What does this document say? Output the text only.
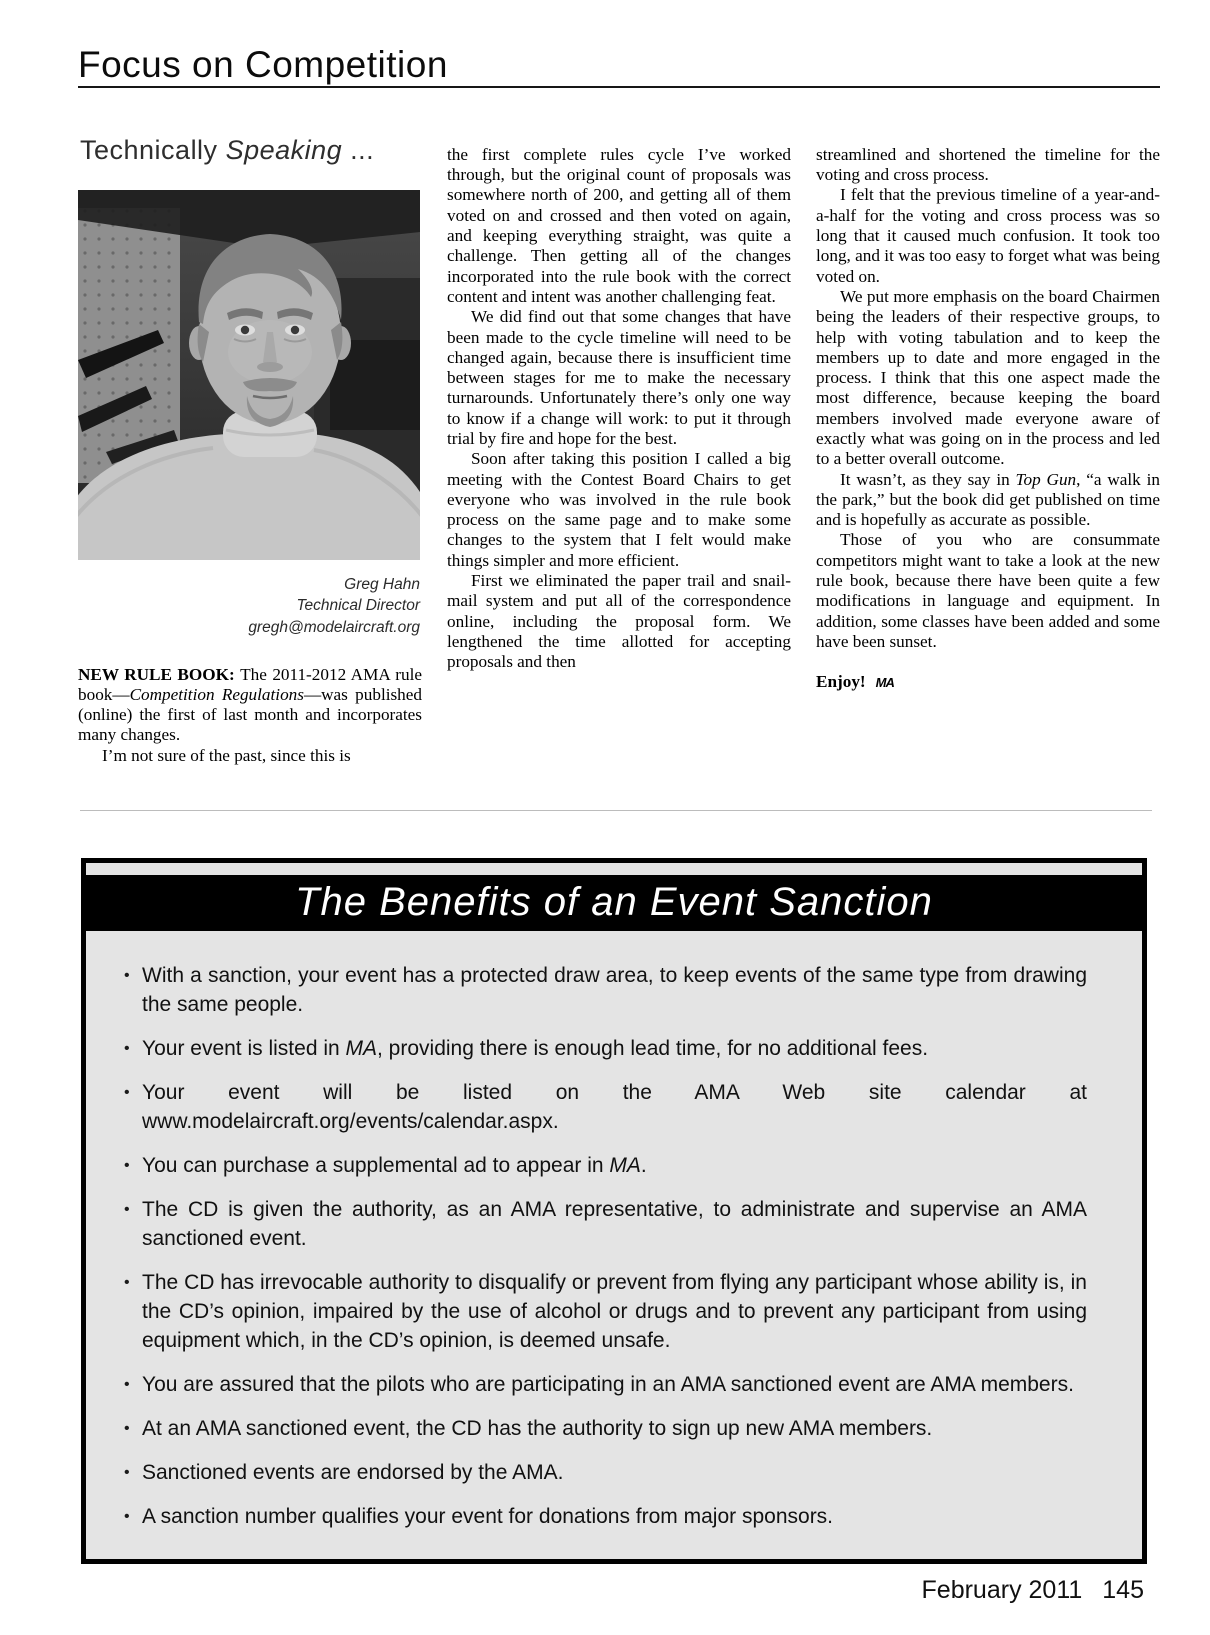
Focus on Competition
Technically Speaking ...
Greg Hahn
Technical Director
gregh@modelaircraft.org

NEW RULE BOOK: The 2011-2012 AMA rule book—Competition Regulations—was published (online) the first of last month and incorporates many changes.

I’m not sure of the past, since this is

the first complete rules cycle I’ve worked through, but the original count of proposals was somewhere north of 200, and getting all of them voted on and crossed and then voted on again, and keeping everything straight, was quite a challenge. Then getting all of the changes incorporated into the rule book with the correct content and intent was another challenging feat.

We did find out that some changes that have been made to the cycle timeline will need to be changed again, because there is insufficient time between stages for me to make the necessary turnarounds. Unfortunately there’s only one way to know if a change will work: to put it through trial by fire and hope for the best.

Soon after taking this position I called a big meeting with the Contest Board Chairs to get everyone who was involved in the rule book process on the same page and to make some changes to the system that I felt would make things simpler and more efficient.

First we eliminated the paper trail and snail-mail system and put all of the correspondence online, including the proposal form. We lengthened the time allotted for accepting proposals and then

streamlined and shortened the timeline for the voting and cross process.

I felt that the previous timeline of a year-and-a-half for the voting and cross process was so long that it caused much confusion. It took too long, and it was too easy to forget what was being voted on.

We put more emphasis on the board Chairmen being the leaders of their respective groups, to help with voting tabulation and to keep the members up to date and more engaged in the process. I think that this one aspect made the most difference, because keeping the board members involved made everyone aware of exactly what was going on in the process and led to a better overall outcome.

It wasn’t, as they say in Top Gun, “a walk in the park,” but the book did get published on time and is hopefully as accurate as possible.

Those of you who are consummate competitors might want to take a look at the new rule book, because there have been quite a few modifications in language and equipment. In addition, some classes have been added and some have been sunset.

Enjoy! MA

The Benefits of an Event Sanction
• With a sanction, your event has a protected draw area, to keep events of the same type from drawing the same people.

• Your event is listed in MA, providing there is enough lead time, for no additional fees.

• Your event will be listed on the AMA Web site calendar at www.modelaircraft.org/events/calendar.aspx.

• You can purchase a supplemental ad to appear in MA.

• The CD is given the authority, as an AMA representative, to administrate and supervise an AMA sanctioned event.

• The CD has irrevocable authority to disqualify or prevent from flying any participant whose ability is, in the CD’s opinion, impaired by the use of alcohol or drugs and to prevent any participant from using equipment which, in the CD’s opinion, is deemed unsafe.

• You are assured that the pilots who are participating in an AMA sanctioned event are AMA members.

• At an AMA sanctioned event, the CD has the authority to sign up new AMA members.

• Sanctioned events are endorsed by the AMA.

• A sanction number qualifies your event for donations from major sponsors.

February 2011 145
